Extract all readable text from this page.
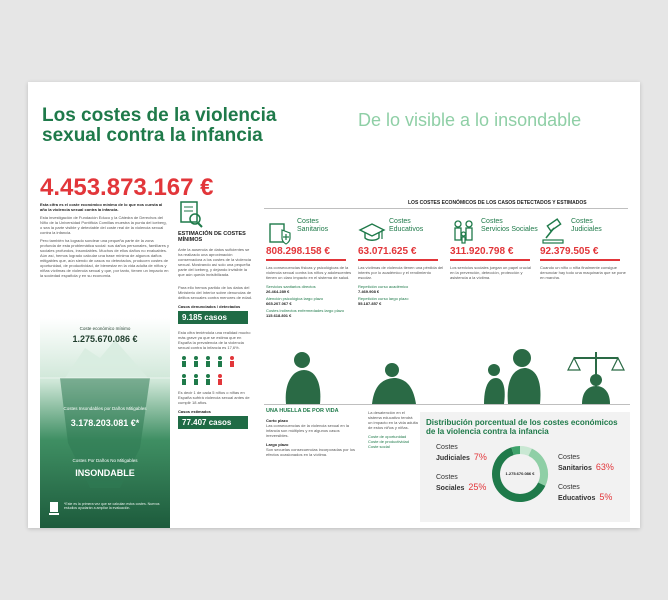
Los costes de la violencia sexual contra la infancia
De lo visible a lo insondable
4.453.873.167 €
Esta cifra es el coste económico mínimo de lo que nos cuesta al año la violencia sexual contra la infancia.
Esta investigación de Fundación Educo y la Cátedra de Derechos del Niño de la Universidad Pontificia Comillas muestra la punta del iceberg, o sea la parte visible y detectable del coste real de la violencia sexual contra la infancia.
Pero también ha logrado sondear una pequeña parte de la zona profunda de esta problemática social: sus daños personales, familiares y sociales profundos, insondables. Muchos de ellos daños no evaluables. Aún así, hemos logrado calcular una base mínima de algunos daños mitigables que, aún siendo de casos no detectados, producen costes de oportunidad, de productividad, de bienestar en la vida adulta de niños y niñas víctimas de violencia sexual y que, por tanto, tienen un impacto en la sociedad española y en su economía.
Coste económico mínimo
1.275.670.086 €
Costes Insondables por Daños Mitigables
3.178.203.081 €*
Costes Por Daños No Mitigables
INSONDABLE
*Este es la primera vez que se calculan estos costes. Nuevos estudios ayudarán a ampliar la evaluación.
ESTIMACIÓN DE COSTES MÍNIMOS
Ante la ausencia de datos suficientes se ha realizado una aproximación conservadora a los costes de la violencia sexual. Mostrando así solo una pequeña parte del iceberg, y dejando invisible la que aún queda invisibilizada.
Para ello hemos partido de los datos del Ministerio del Interior sobre denuncias de delitos sexuales contra menores de edad.
Casos denunciados / detectados
9.185 casos
Esta cifra teniéndola una realidad mucho más grave ya que se estima que en España la prevalencia de la violencia sexual contra la infancia es 17,6%.
Es decir 1 de cada 5 niños o niñas en España sufrirá violencia sexual antes de cumplir 18 años.
Casos estimados
77.407 casos
LOS COSTES ECONÓMICOS DE LOS CASOS DETECTADOS Y ESTIMADOS
Costes
Sanitarios
808.298.158 €
Las consecuencias físicas y psicológicas de la violencia sexual contra los niños y adolescentes tienen un claro impacto en el sistema de salud.
Servicios sanitarios directos
26.464.289 €
Atención psicológica largo plazo
665.207.067 €
Costes indirectos enfermedades largo plazo
115.618.801 €
Costes
Educativos
63.071.625 €
Las víctimas de violencia tienen una pérdida del interés por lo académico y el rendimiento escolar.
Repetición curso académico
7.469.908 €
Repetición curso largo plazo
55.187.857 €
Costes
Servicios Sociales
311.920.798 €
Los servicios sociales juegan un papel crucial en la prevención, detección, protección y asistencia a la víctima.
Costes
Judiciales
92.379.505 €
Cuando un niño o niña finalmente consigue denunciar hay todo una maquinaria que se pone en marcha.
UNA HUELLA DE POR VIDA
Corto plazo
Las consecuencias de la violencia sexual en la infancia son múltiples y en algunos casos irreversibles.
Largo plazo
Son secuelas consecuencias incorporadas por los efectos ocasionados en la víctima.
La desatención en el sistema educativo tendrá un impacto en la vida adulta de estos niños y niñas.
Coste de oportunidad
Coste de productividad
Coste social
Distribución porcentual de los costes económicos de la violencia contra la infancia
1.275.670.086 €
Costes
Judiciales 7%
Costes
Sociales 25%
Costes
Sanitarios 63%
Costes
Educativos 5%
